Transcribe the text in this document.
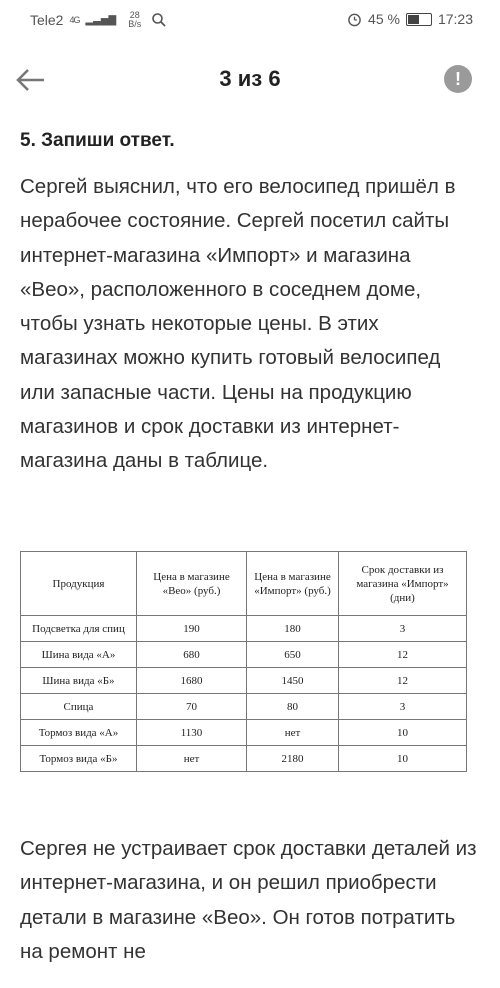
Tele2 4G ▂▃▅▇ 28
B/s	45 %	17:23
3 из 6	!
5. Запиши ответ.
Сергей выяснил, что его велосипед пришёл в нерабочее состояние. Сергей посетил сайты интернет-магазина «Импорт» и магазина «Вео», расположенного в соседнем доме, чтобы узнать некоторые цены. В этих магазинах можно купить готовый велосипед или запасные части. Цены на продукцию магазинов и срок доставки из интернет-магазина даны в таблице.
Продукция	Цена в магазине «Вео» (руб.)	Цена в магазине «Импорт» (руб.)	Срок доставки из магазина «Импорт» (дни)
Подсветка для спиц	190	180	3
Шина вида «А»	680	650	12
Шина вида «Б»	1680	1450	12
Спица	70	80	3
Тормоз вида «А»	1130	нет	10
Тормоз вида «Б»	нет	2180	10
Сергея не устраивает срок доставки деталей из интернет-магазина, и он решил приобрести детали в магазине «Вео». Он готов потратить на ремонт не
